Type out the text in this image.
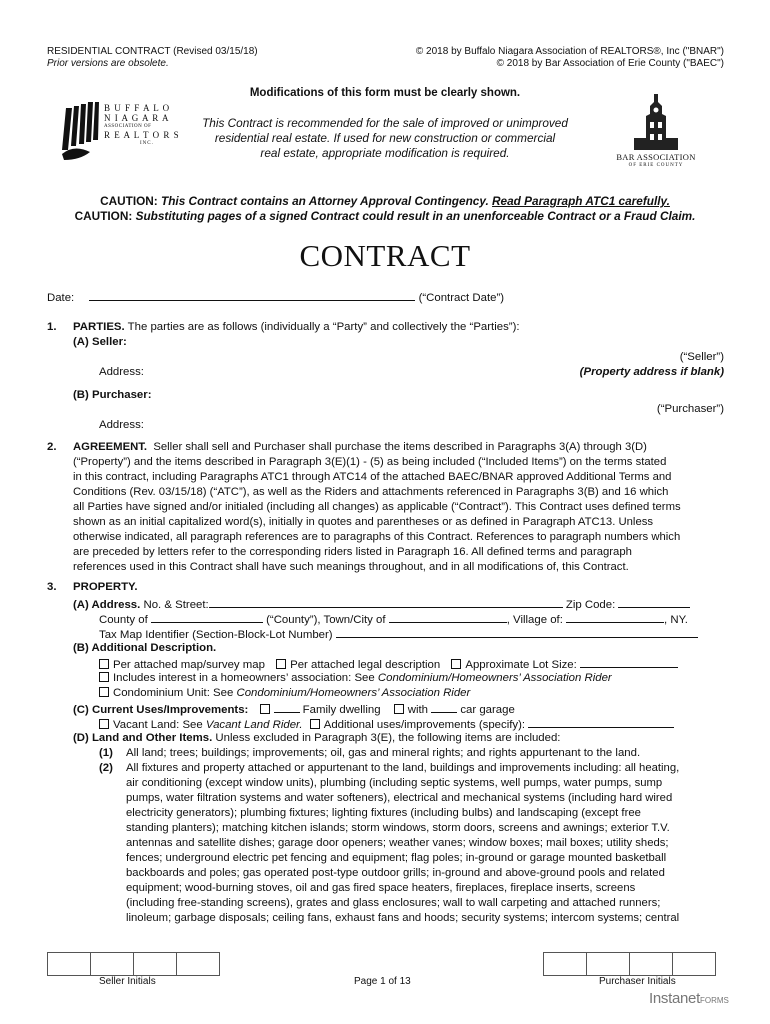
RESIDENTIAL CONTRACT (Revised 03/15/18)
Prior versions are obsolete.
© 2018 by Buffalo Niagara Association of REALTORS®, Inc ("BNAR")
© 2018 by Bar Association of Erie County ("BAEC")
B U F F A L O
N I A G A R A
ASSOCIATION OF
R E A L T O R S
INC.
Modifications of this form must be clearly shown.
This Contract is recommended for the sale of improved or unimproved
residential real estate. If used for new construction or commercial
real estate, appropriate modification is required.	BAR ASSOCIATION
OF ERIE COUNTY
CAUTION: This Contract contains an Attorney Approval Contingency. Read Paragraph ATC1 carefully.
CAUTION: Substituting pages of a signed Contract could result in an unenforceable Contract or a Fraud Claim.
CONTRACT
Date:	(“Contract Date”)
1. PARTIES. The parties are as follows (individually a “Party” and collectively the “Parties”):
(A) Seller:
(“Seller”)
Address:	(Property address if blank)
(B) Purchaser:
(“Purchaser”)
Address:
2. AGREEMENT. Seller shall sell and Purchaser shall purchase the items described in Paragraphs 3(A) through 3(D)
(“Property”) and the items described in Paragraph 3(E)(1) - (5) as being included (“Included Items”) on the terms stated
in this contract, including Paragraphs ATC1 through ATC14 of the attached BAEC/BNAR approved Additional Terms and
Conditions (Rev. 03/15/18) (“ATC”), as well as the Riders and attachments referenced in Paragraphs 3(B) and 16 which
all Parties have signed and/or initialed (including all changes) as applicable (“Contract”). This Contract uses defined terms
shown as an initial capitalized word(s), initially in quotes and parentheses or as defined in Paragraph ATC13. Unless
otherwise indicated, all paragraph references are to paragraphs of this Contract. References to paragraph numbers which
are preceded by letters refer to the corresponding riders listed in Paragraph 16. All defined terms and paragraph
references used in this Contract shall have such meanings throughout, and in all modifications of, this Contract.
3. PROPERTY.
(A) Address. No. & Street:	Zip Code:
County of	(“County”), Town/City of	, Village of:	, NY.
Tax Map Identifier (Section-Block-Lot Number)
(B) Additional Description.
Per attached map/survey map Per attached legal description Approximate Lot Size:
Includes interest in a homeowners’ association: See Condominium/Homeowners’ Association Rider
Condominium Unit: See Condominium/Homeowners’ Association Rider
(C) Current Uses/Improvements:	Family dwelling with	car garage
Vacant Land: See Vacant Land Rider. Additional uses/improvements (specify):
(D) Land and Other Items. Unless excluded in Paragraph 3(E), the following items are included:
(1) All land; trees; buildings; improvements; oil, gas and mineral rights; and rights appurtenant to the land.
(2) All fixtures and property attached or appurtenant to the land, buildings and improvements including: all heating,
air conditioning (except window units), plumbing (including septic systems, well pumps, water pumps, sump
pumps, water filtration systems and water softeners), electrical and mechanical systems (including hard wired
electricity generators); plumbing fixtures; lighting fixtures (including bulbs) and landscaping (except free
standing planters); matching kitchen islands; storm windows, storm doors, screens and awnings; exterior T.V.
antennas and satellite dishes; garage door openers; weather vanes; window boxes; mail boxes; utility sheds;
fences; underground electric pet fencing and equipment; flag poles; in-ground or garage mounted basketball
backboards and poles; gas operated post-type outdoor grills; in-ground and above-ground pools and related
equipment; wood-burning stoves, oil and gas fired space heaters, fireplaces, fireplace inserts, screens
(including free-standing screens), grates and glass enclosures; wall to wall carpeting and attached runners;
linoleum; garbage disposals; ceiling fans, exhaust fans and hoods; security systems; intercom systems; central
Seller Initials	Page 1 of 13	Purchaser Initials
InstanetFORMS
